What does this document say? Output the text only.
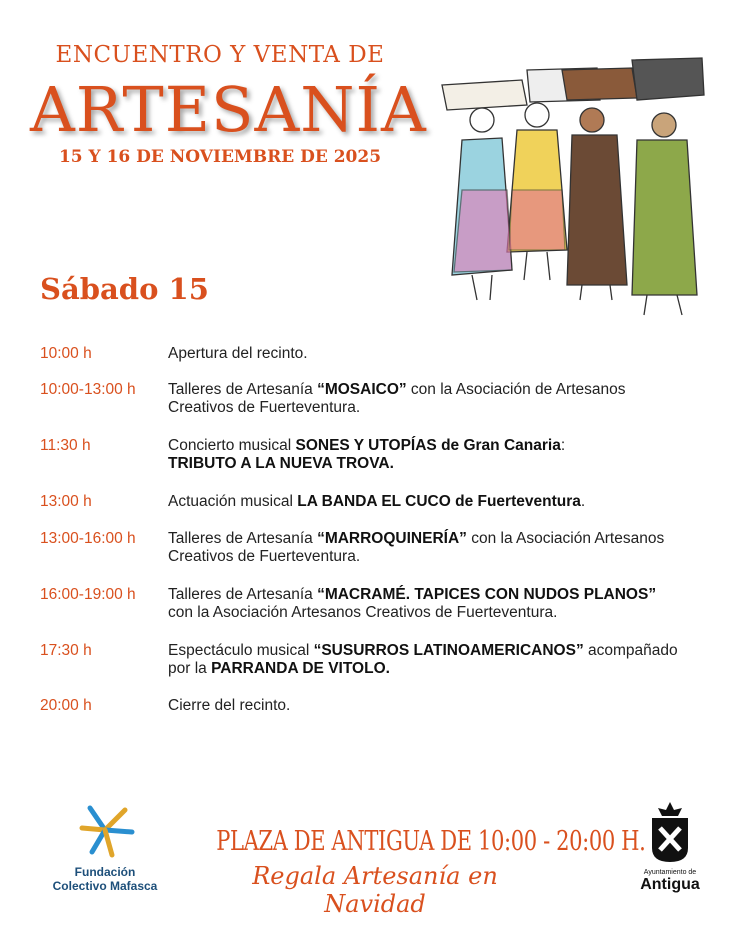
ENCUENTRO Y VENTA DE
ARTESANÍA
15 Y 16 DE NOVIEMBRE DE 2025
Sábado 15
10:00 h	Apertura del recinto.
10:00-13:00 h Talleres de Artesanía “MOSAICO” con la Asociación de Artesanos
Creativos de Fuerteventura.
11:30 h	Concierto musical SONES Y UTOPÍAS de Gran Canaria:
TRIBUTO A LA NUEVA TROVA.
13:00 h	Actuación musical LA BANDA EL CUCO de Fuerteventura.
13:00-16:00 h Talleres de Artesanía “MARROQUINERÍA” con la Asociación Artesanos
Creativos de Fuerteventura.
16:00-19:00 h Talleres de Artesanía “MACRAMÉ. TAPICES CON NUDOS PLANOS”
con la Asociación Artesanos Creativos de Fuerteventura.
17:30 h	Espectáculo musical “SUSURROS LATINOAMERICANOS” acompañado
por la PARRANDA DE VITOLO.
20:00 h	Cierre del recinto.
Fundación
Colectivo Mafasca
PLAZA DE ANTIGUA DE 10:00 - 20:00 H.
Regala Artesanía en Navidad
Ayuntamiento de
Antigua
